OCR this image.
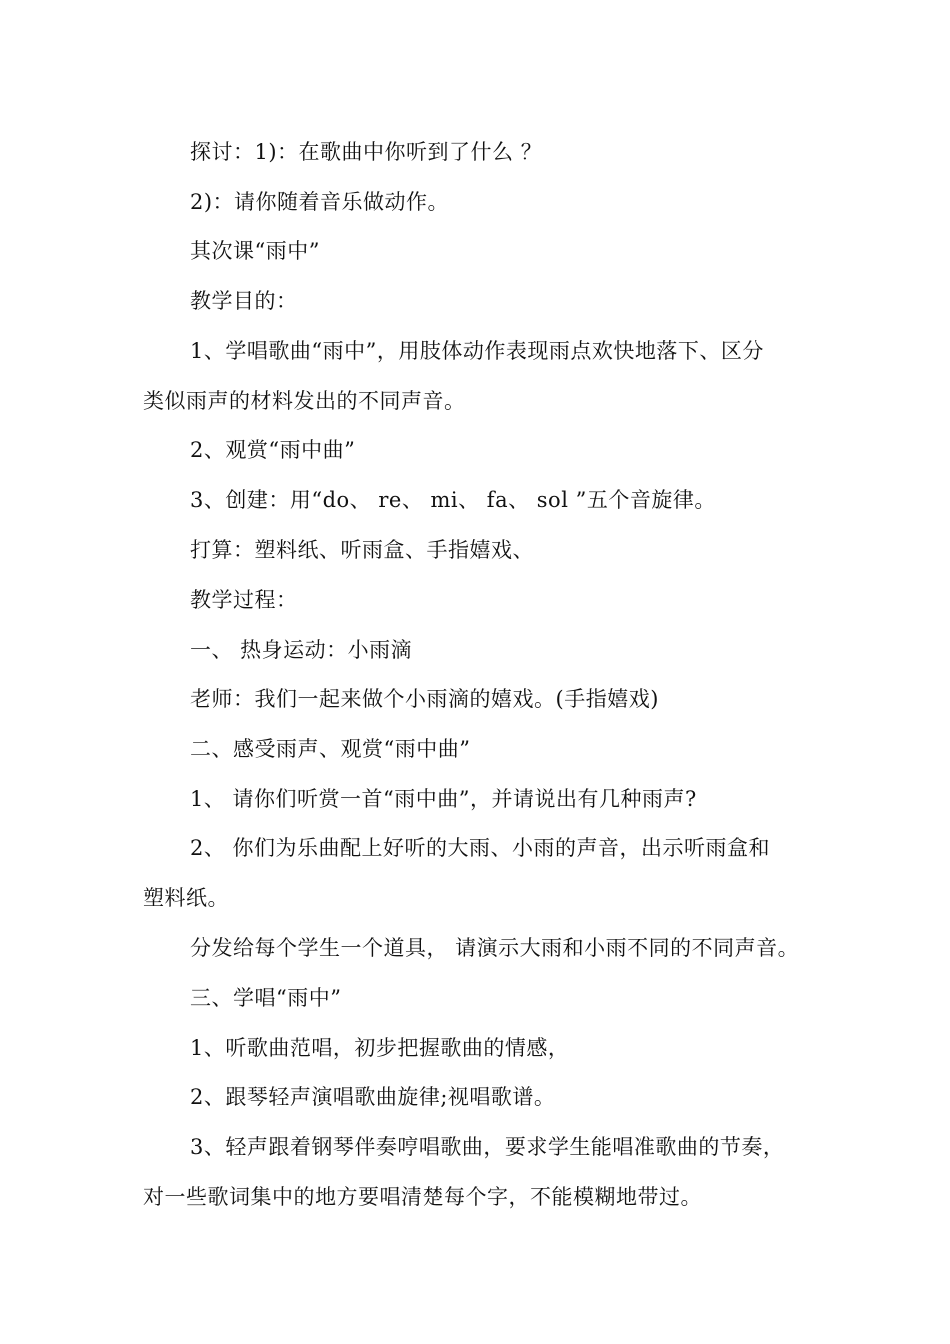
探讨：1)：在歌曲中你听到了什么 ？
2)：请你随着音乐做动作。
其次课“雨中”
教学目的：
1、学唱歌曲“雨中”，用肢体动作表现雨点欢快地落下、区分
类似雨声的材料发出的不同声音。
2、观赏“雨中曲”
3、创建：用“do、 re、 mi、 fa、 sol ”五个音旋律。
打算：塑料纸、听雨盒、手指嬉戏、
教学过程：
一、 热身运动：小雨滴
老师：我们一起来做个小雨滴的嬉戏。(手指嬉戏)
二、感受雨声、观赏“雨中曲”
1、 请你们听赏一首“雨中曲”，并请说出有几种雨声?
2、 你们为乐曲配上好听的大雨、小雨的声音，出示听雨盒和
塑料纸。
分发给每个学生一个道具， 请演示大雨和小雨不同的不同声音。
三、学唱“雨中”
1、听歌曲范唱，初步把握歌曲的情感，
2、跟琴轻声演唱歌曲旋律;视唱歌谱。
3、轻声跟着钢琴伴奏哼唱歌曲，要求学生能唱准歌曲的节奏，
对一些歌词集中的地方要唱清楚每个字，不能模糊地带过。
